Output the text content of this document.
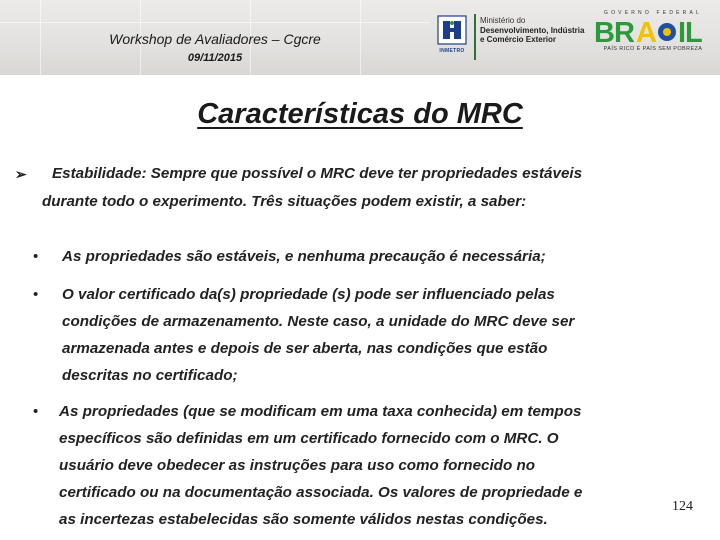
Workshop de Avaliadores – Cgcre
09/11/2015
INMETRO
Ministério do
Desenvolvimento, Indústria
e Comércio Exterior
GOVERNO FEDERAL
BR A IL
PAÍS RICO É PAÍS SEM POBREZA
Características do MRC
➢ Estabilidade: Sempre que possível o MRC deve ter propriedades estáveis
durante todo o experimento. Três situações podem existir, a saber:
• As propriedades são estáveis, e nenhuma precaução é necessária;
• O valor certificado da(s) propriedade (s) pode ser influenciado pelas
condições de armazenamento. Neste caso, a unidade do MRC deve ser
armazenada antes e depois de ser aberta, nas condições que estão
descritas no certificado;
• As propriedades (que se modificam em uma taxa conhecida) em tempos
específicos são definidas em um certificado fornecido com o MRC. O
usuário deve obedecer as instruções para uso como fornecido no
certificado ou na documentação associada. Os valores de propriedade e
as incertezas estabelecidas são somente válidos nestas condições.
124
